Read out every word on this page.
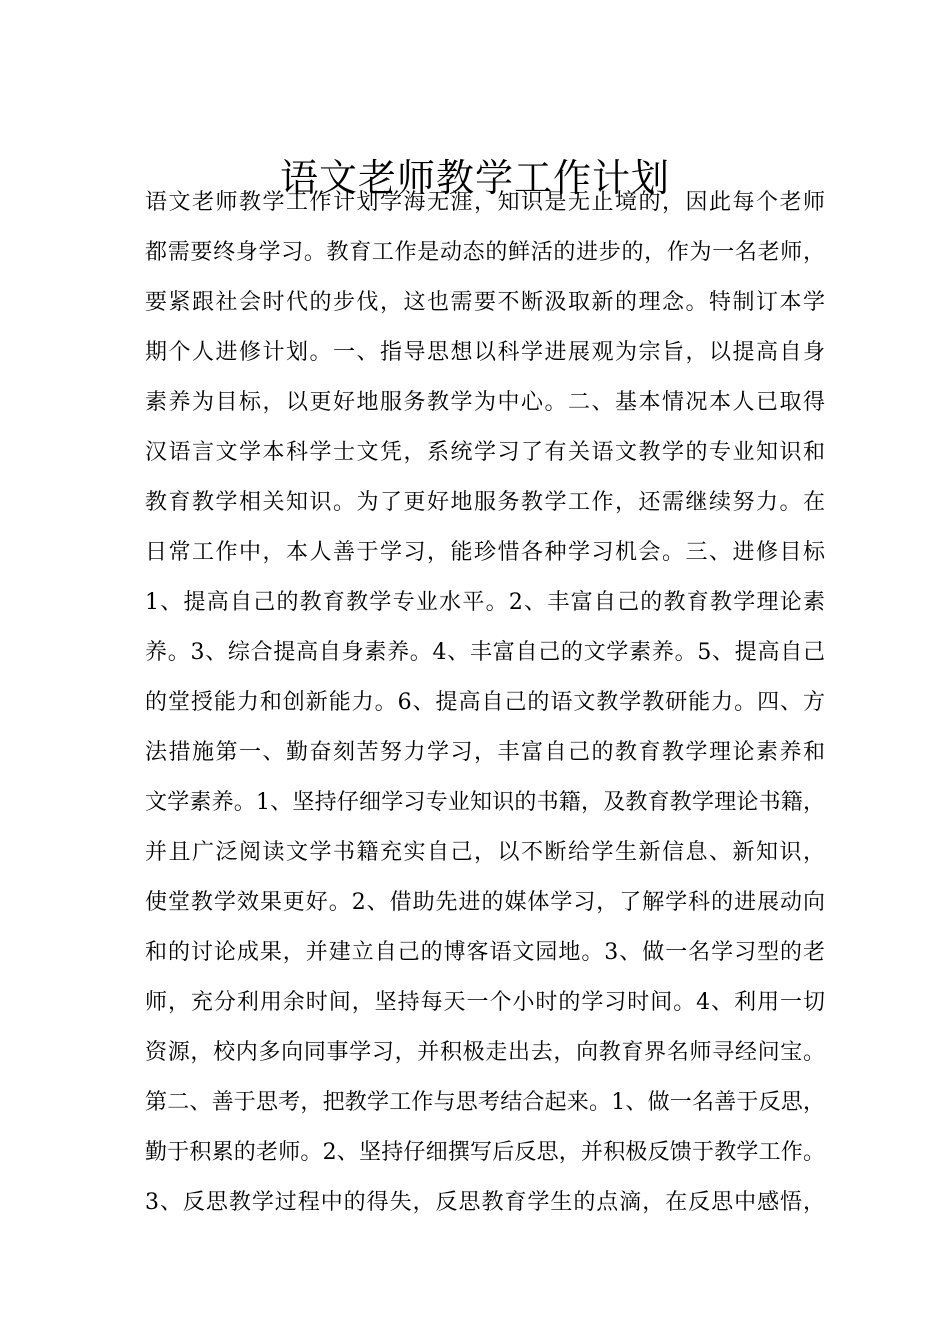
语文老师教学工作计划
语文老师教学工作计划学海无涯，知识是无止境的，因此每个老师
都需要终身学习。教育工作是动态的鲜活的进步的，作为一名老师，
要紧跟社会时代的步伐，这也需要不断汲取新的理念。特制订本学
期个人进修计划。一、指导思想以科学进展观为宗旨，以提高自身
素养为目标，以更好地服务教学为中心。二、基本情况本人已取得
汉语言文学本科学士文凭，系统学习了有关语文教学的专业知识和
教育教学相关知识。为了更好地服务教学工作，还需继续努力。在
日常工作中，本人善于学习，能珍惜各种学习机会。三、进修目标
1、提高自己的教育教学专业水平。2、丰富自己的教育教学理论素
养。3、综合提高自身素养。4、丰富自己的文学素养。5、提高自己
的堂授能力和创新能力。6、提高自己的语文教学教研能力。四、方
法措施第一、勤奋刻苦努力学习，丰富自己的教育教学理论素养和
文学素养。1、坚持仔细学习专业知识的书籍，及教育教学理论书籍，
并且广泛阅读文学书籍充实自己，以不断给学生新信息、新知识，
使堂教学效果更好。2、借助先进的媒体学习，了解学科的进展动向
和的讨论成果，并建立自己的博客语文园地。3、做一名学习型的老
师，充分利用余时间，坚持每天一个小时的学习时间。4、利用一切
资源，校内多向同事学习，并积极走出去，向教育界名师寻经问宝。
第二、善于思考，把教学工作与思考结合起来。1、做一名善于反思，
勤于积累的老师。2、坚持仔细撰写后反思，并积极反馈于教学工作。
3、反思教学过程中的得失，反思教育学生的点滴，在反思中感悟，
